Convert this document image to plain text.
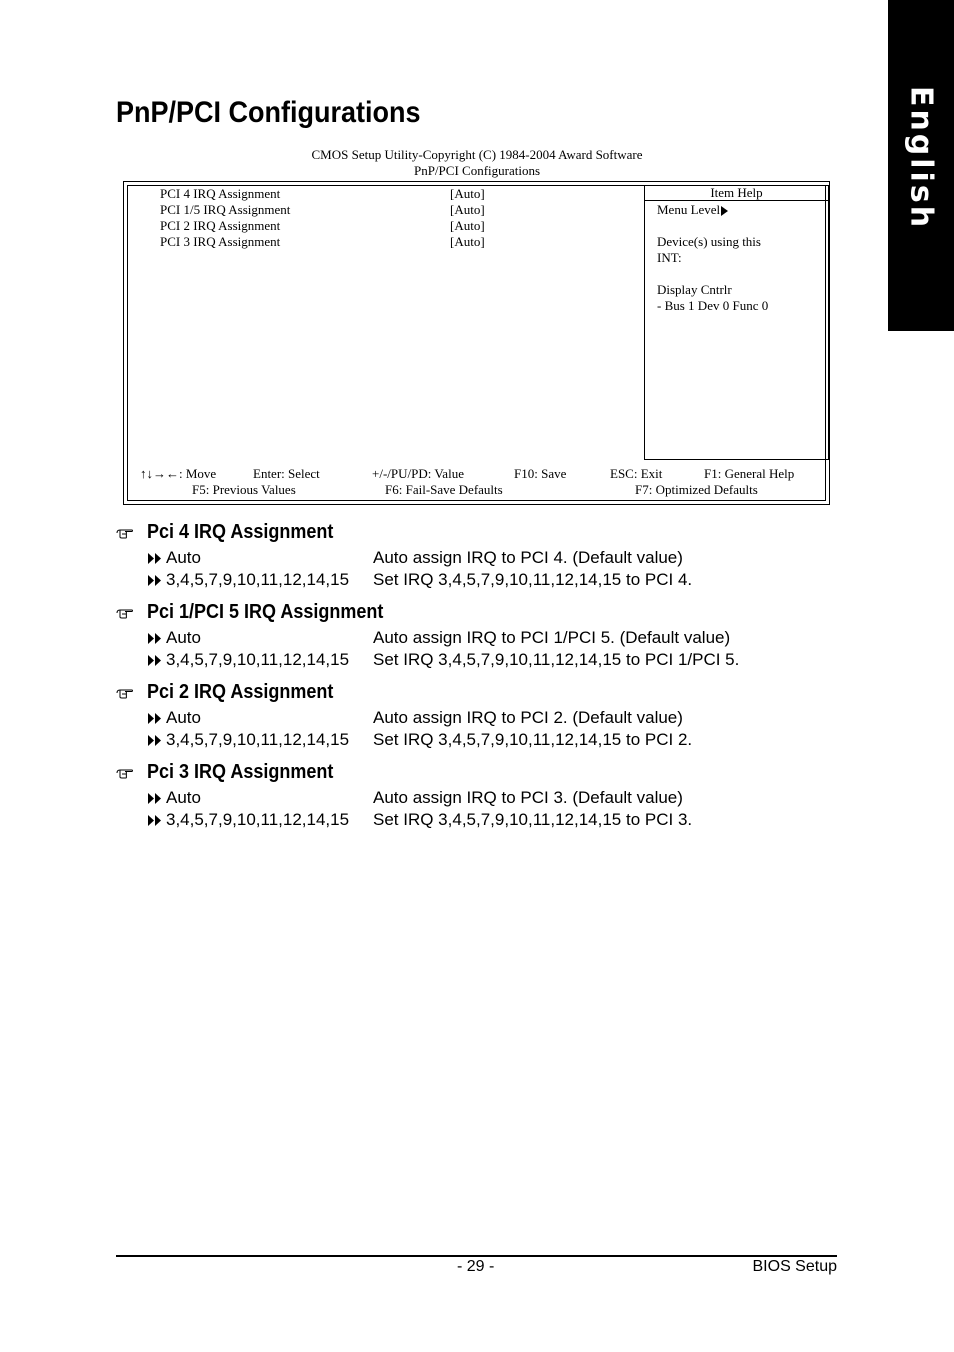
English
PnP/PCI Configurations
CMOS Setup Utility-Copyright (C) 1984-2004 Award Software
PnP/PCI Configurations
PCI 4 IRQ Assignment	[Auto]
PCI 1/5 IRQ Assignment	[Auto]
PCI 2 IRQ Assignment	[Auto]
PCI 3 IRQ Assignment	[Auto]
Item Help
Menu Level
Device(s) using this
INT:
Display Cntrlr
- Bus 1 Dev 0 Func 0
↑↓→←: Move	Enter: Select	+/-/PU/PD: Value	F10: Save	ESC: Exit	F1: General Help
F5: Previous Values	F6: Fail-Save Defaults	F7: Optimized Defaults
Pci 4 IRQ Assignment
Auto	Auto assign IRQ to PCI 4. (Default value)
3,4,5,7,9,10,11,12,14,15 Set IRQ 3,4,5,7,9,10,11,12,14,15 to PCI 4.
Pci 1/PCI 5 IRQ Assignment
Auto	Auto assign IRQ to PCI 1/PCI 5. (Default value)
3,4,5,7,9,10,11,12,14,15 Set IRQ 3,4,5,7,9,10,11,12,14,15 to PCI 1/PCI 5.
Pci 2 IRQ Assignment
Auto	Auto assign IRQ to PCI 2. (Default value)
3,4,5,7,9,10,11,12,14,15 Set IRQ 3,4,5,7,9,10,11,12,14,15 to PCI 2.
Pci 3 IRQ Assignment
Auto	Auto assign IRQ to PCI 3. (Default value)
3,4,5,7,9,10,11,12,14,15 Set IRQ 3,4,5,7,9,10,11,12,14,15 to PCI 3.
- 29 -	BIOS Setup
